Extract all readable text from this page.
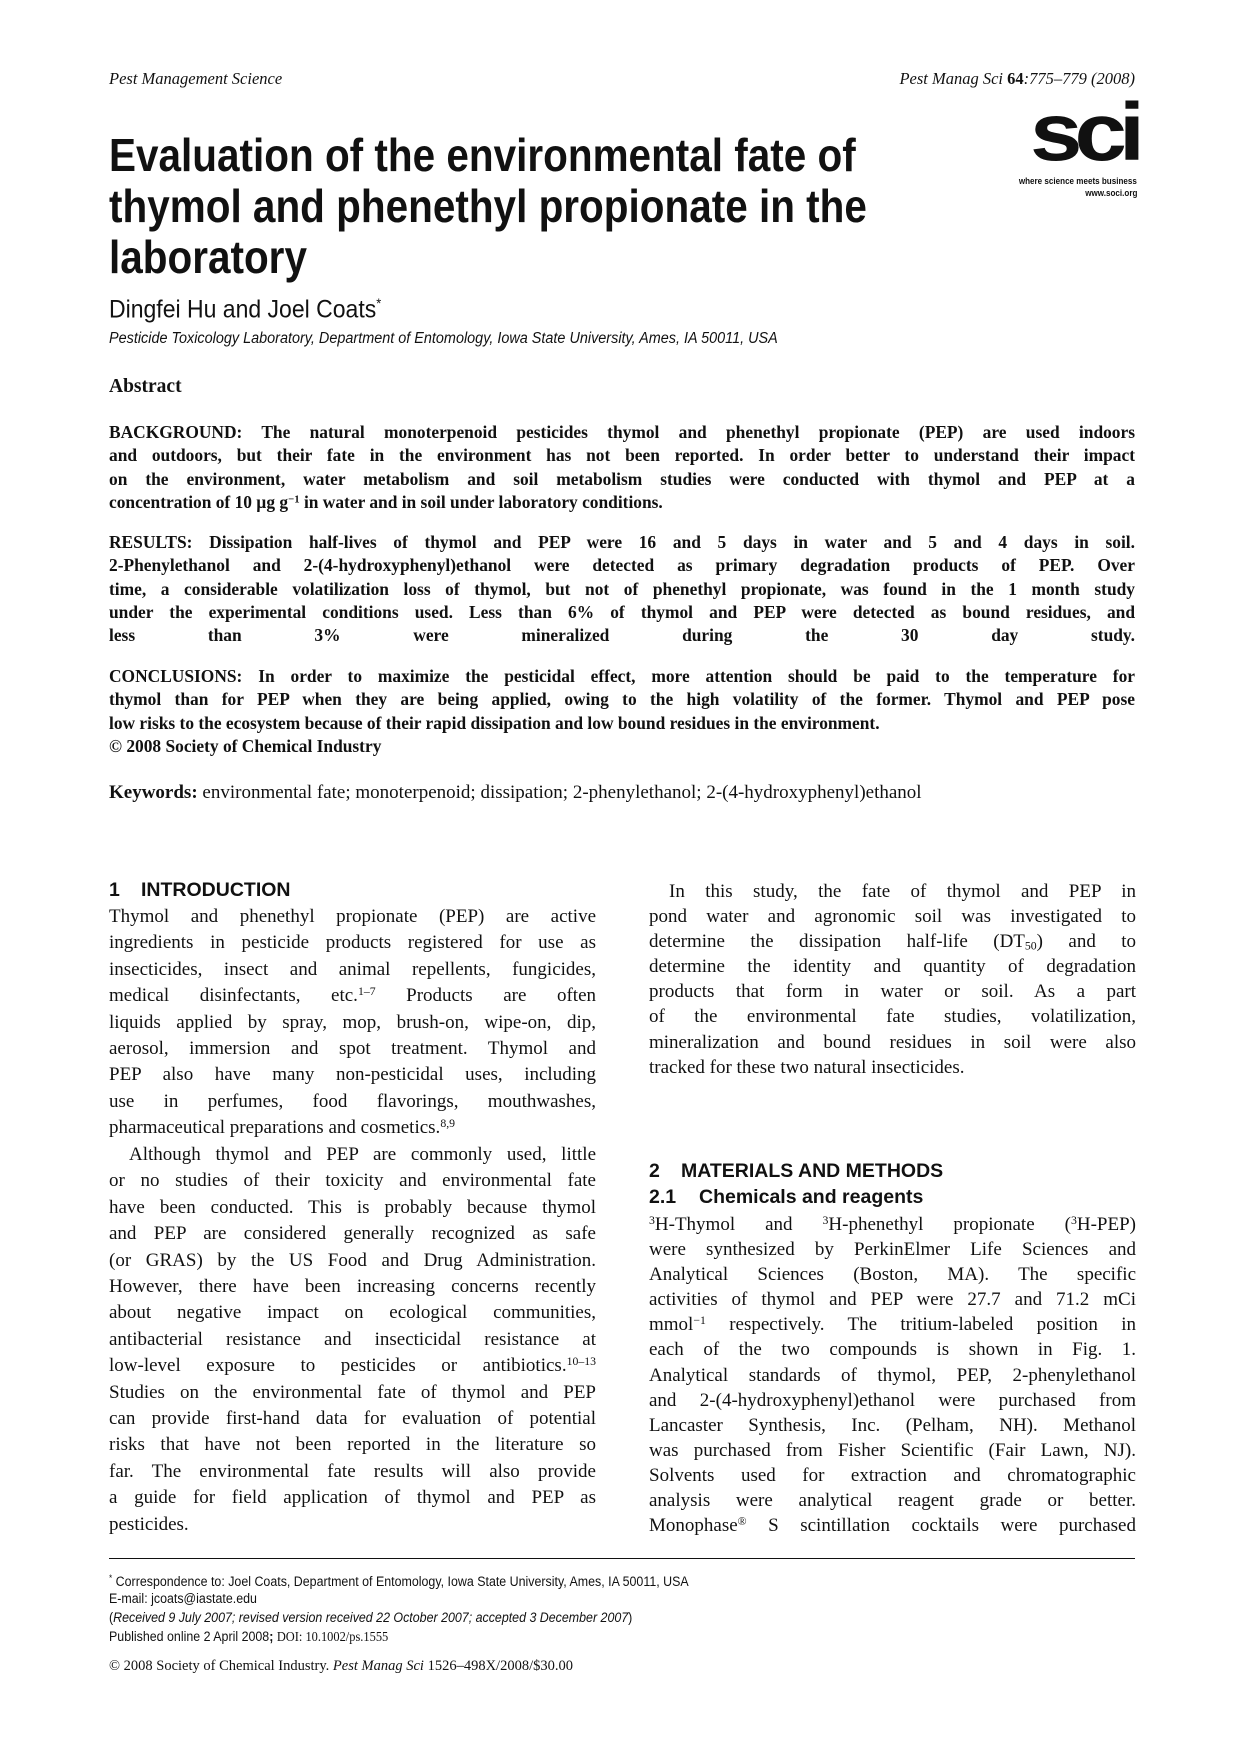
Pest Management Science	Pest Manag Sci 64:775–779 (2008)
sci
where science meets business
www.soci.org
Evaluation of the environmental fate of
thymol and phenethyl propionate in the
laboratory
Dingfei Hu and Joel Coats*
Pesticide Toxicology Laboratory, Department of Entomology, Iowa State University, Ames, IA 50011, USA
Abstract
BACKGROUND: The natural monoterpenoid pesticides thymol and phenethyl propionate (PEP) are used indoors
and outdoors, but their fate in the environment has not been reported. In order better to understand their impact
on the environment, water metabolism and soil metabolism studies were conducted with thymol and PEP at a
concentration of 10 µg $g^{-1}$ in water and in soil under laboratory conditions.
RESULTS: Dissipation half-lives of thymol and PEP were 16 and 5 days in water and 5 and 4 days in soil.
2-Phenylethanol and 2-(4-hydroxyphenyl)ethanol were detected as primary degradation products of PEP. Over
time, a considerable volatilization loss of thymol, but not of phenethyl propionate, was found in the 1 month study
under the experimental conditions used. Less than 6% of thymol and PEP were detected as bound residues, and
less than 3% were mineralized during the 30 day study.
CONCLUSIONS: In order to maximize the pesticidal effect, more attention should be paid to the temperature for
thymol than for PEP when they are being applied, owing to the high volatility of the former. Thymol and PEP pose
low risks to the ecosystem because of their rapid dissipation and low bound residues in the environment.
© 2008 Society of Chemical Industry
Keywords: environmental fate; monoterpenoid; dissipation; 2-phenylethanol; 2-(4-hydroxyphenyl)ethanol
1 INTRODUCTION
Thymol and phenethyl propionate (PEP) are active
ingredients in pesticide products registered for use as
insecticides, insect and animal repellents, fungicides,
medical disinfectants, etc.$^{1-7}$ Products are often
liquids applied by spray, mop, brush-on, wipe-on, dip,
aerosol, immersion and spot treatment. Thymol and
PEP also have many non-pesticidal uses, including
use in perfumes, food flavorings, mouthwashes,
pharmaceutical preparations and cosmetics.$^{8,9}$
Although thymol and PEP are commonly used, little
or no studies of their toxicity and environmental fate
have been conducted. This is probably because thymol
and PEP are considered generally recognized as safe
(or GRAS) by the US Food and Drug Administration.
However, there have been increasing concerns recently
about negative impact on ecological communities,
antibacterial resistance and insecticidal resistance at
low-level exposure to pesticides or antibiotics.$^{10-13}$
Studies on the environmental fate of thymol and PEP
can provide first-hand data for evaluation of potential
risks that have not been reported in the literature so
far. The environmental fate results will also provide
a guide for field application of thymol and PEP as
pesticides.
In this study, the fate of thymol and PEP in
pond water and agronomic soil was investigated to
determine the dissipation half-life $(DT_{50})$ and to
determine the identity and quantity of degradation
products that form in water or soil. As a part
of the environmental fate studies, volatilization,
mineralization and bound residues in soil were also
tracked for these two natural insecticides.
2 MATERIALS AND METHODS
2.1 Chemicals and reagents
$^3$H-Thymol and $^3$H-phenethyl propionate ($^3$H-PEP)
were synthesized by PerkinElmer Life Sciences and
Analytical Sciences (Boston, MA). The specific
activities of thymol and PEP were 27.7 and 71.2 mCi
mmol$^{-1}$ respectively. The tritium-labeled position in
each of the two compounds is shown in Fig. 1.
Analytical standards of thymol, PEP, 2-phenylethanol
and 2-(4-hydroxyphenyl)ethanol were purchased from
Lancaster Synthesis, Inc. (Pelham, NH). Methanol
was purchased from Fisher Scientific (Fair Lawn, NJ).
Solvents used for extraction and chromatographic
analysis were analytical reagent grade or better.
Monophase® S scintillation cocktails were purchased
* Correspondence to: Joel Coats, Department of Entomology, Iowa State University, Ames, IA 50011, USA
E-mail: jcoats@iastate.edu
(Received 9 July 2007; revised version received 22 October 2007; accepted 3 December 2007)
Published online 2 April 2008; DOI: 10.1002/ps.1555
© 2008 Society of Chemical Industry. Pest Manag Sci 1526–498X/2008/$30.00
